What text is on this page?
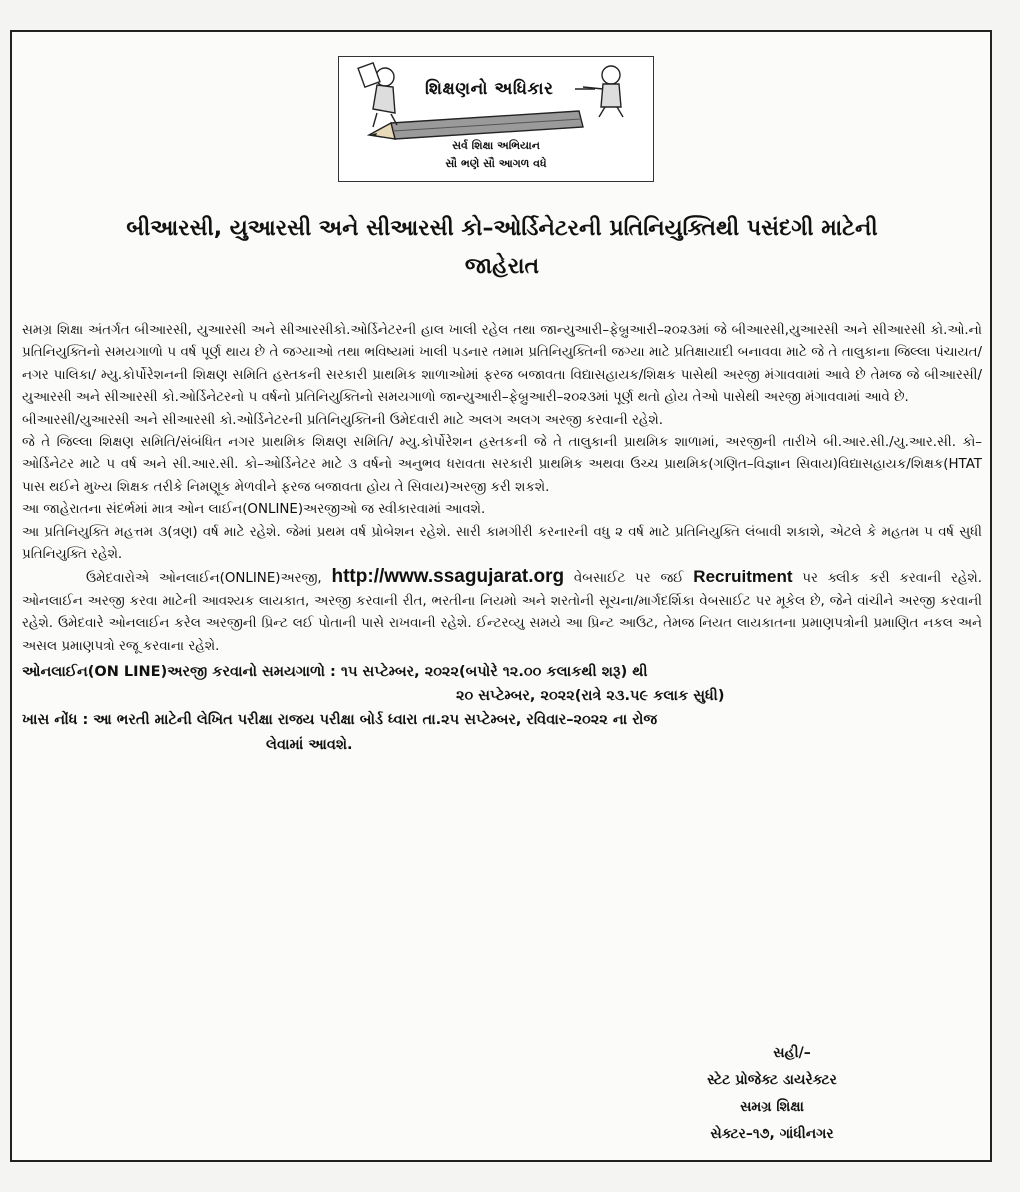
શિક્ષણનો અધિકાર
સર્વ શિક્ષા અભિયાન
સૌ ભણે સૌ આગળ વધે
બીઆરસી, યુઆરસી અને સીઆરસી કો–ઓર્ડિનેટરની પ્રતિનિયુક્તિથી પસંદગી માટેની
જાહેરાત

સમગ્ર શિક્ષા અંતર્ગત બીઆરસી, યુઆરસી અને સીઆરસીકો.ઓર્ડિનેટરની હાલ ખાલી રહેલ તથા જાન્યુઆરી–ફેબ્રુઆરી–૨૦૨૩માં જે બીઆરસી,યુઆરસી અને સીઆરસી કો.ઓ.નો પ્રતિનિયુક્તિનો સમયગાળો ૫ વર્ષ પૂર્ણ થાય છે તે જગ્યાઓ તથા ભવિષ્યમાં ખાલી પડનાર તમામ પ્રતિનિયુક્તિની જગ્યા માટે પ્રતિક્ષાયાદી બનાવવા માટે જે તે તાલુકાના જિલ્લા પંચાયત/નગર પાલિકા/ મ્યુ.કોર્પોરેશનની શિક્ષણ સમિતિ હસ્તકની સરકારી પ્રાથમિક શાળાઓમાં ફરજ બજાવતા વિદ્યાસહાયક/શિક્ષક પાસેથી અરજી મંગાવવામાં આવે છે તેમજ જે બીઆરસી/યુઆરસી અને સીઆરસી કો.ઓર્ડિનેટરનો ૫ વર્ષનો પ્રતિનિયુક્તિનો સમયગાળો જાન્યુઆરી–ફેબ્રુઆરી–૨૦૨૩માં પૂર્ણ થતો હોય તેઓ પાસેથી અરજી મંગાવવામાં આવે છે.

બીઆરસી/યુઆરસી અને સીઆરસી કો.ઓર્ડિનેટરની પ્રતિનિયુક્તિની ઉમેદવારી માટે અલગ અલગ અરજી કરવાની રહેશે.

જે તે જિલ્લા શિક્ષણ સમિતિ/સંબંધિત નગર પ્રાથમિક શિક્ષણ સમિતિ/ મ્યુ.કોર્પોરેશન હસ્તકની જે તે તાલુકાની પ્રાથમિક શાળામાં, અરજીની તારીખે બી.આર.સી./યુ.આર.સી. કો–ઓર્ડિનેટર માટે ૫ વર્ષ અને સી.આર.સી. કો–ઓર્ડિનેટર માટે ૩ વર્ષનો અનુભવ ધરાવતા સરકારી પ્રાથમિક અથવા ઉચ્ચ પ્રાથમિક(ગણિત–વિજ્ઞાન સિવાય)વિદ્યાસહાયક/શિક્ષક(HTAT પાસ થઈને મુખ્ય શિક્ષક તરીકે નિમણૂક મેળવીને ફરજ બજાવતા હોય તે સિવાય)અરજી કરી શકશે.

આ જાહેરાતના સંદર્ભમાં માત્ર ઓન લાઈન(ONLINE)અરજીઓ જ સ્વીકારવામાં આવશે.

આ પ્રતિનિયુક્તિ મહત્તમ ૩(ત્રણ) વર્ષ માટે રહેશે. જેમાં પ્રથમ વર્ષ પ્રોબેશન રહેશે. સારી કામગીરી કરનારની વધુ ૨ વર્ષ માટે પ્રતિનિયુક્તિ લંબાવી શકાશે, એટલે કે મહતમ ૫ વર્ષ સુધી પ્રતિનિયુક્તિ રહેશે.

ઉમેદવારોએ ઓનલાઈન(ONLINE)અરજી, http://www.ssagujarat.org વેબસાઈટ પર જઈ Recruitment પર ક્લીક કરી કરવાની રહેશે. ઓનલાઈન અરજી કરવા માટેની આવશ્યક લાયકાત, અરજી કરવાની રીત, ભરતીના નિયમો અને શરતોની સૂચના/માર્ગદર્શિકા વેબસાઈટ પર મૂકેલ છે, જેને વાંચીને અરજી કરવાની રહેશે. ઉમેદવારે ઓનલાઈન કરેલ અરજીની પ્રિન્ટ લઈ પોતાની પાસે રાખવાની રહેશે. ઈન્ટરવ્યુ સમયે આ પ્રિન્ટ આઉટ, તેમજ નિયત લાયકાતના પ્રમાણપત્રોની પ્રમાણિત નકલ અને અસલ પ્રમાણપત્રો રજૂ કરવાના રહેશે.

ઓનલાઈન(ON LINE)અરજી કરવાનો સમયગાળો : ૧૫ સપ્ટેમ્બર, ૨૦૨૨(બપોરે ૧૨.૦૦ કલાકથી શરૂ) થી
૨૦ સપ્ટેમ્બર, ૨૦૨૨(રાત્રે ૨૩.૫૯ કલાક સુધી)
ખાસ નોંધ : આ ભરતી માટેની લેખિત પરીક્ષા રાજય પરીક્ષા બોર્ડ ધ્વારા તા.૨૫ સપ્ટેમ્બર, રવિવાર–૨૦૨૨ ના રોજ
લેવામાં આવશે.
સહી/–
સ્ટેટ પ્રોજેક્ટ ડાયરેક્ટર
સમગ્ર શિક્ષા
સેક્ટર–૧૭, ગાંધીનગર
